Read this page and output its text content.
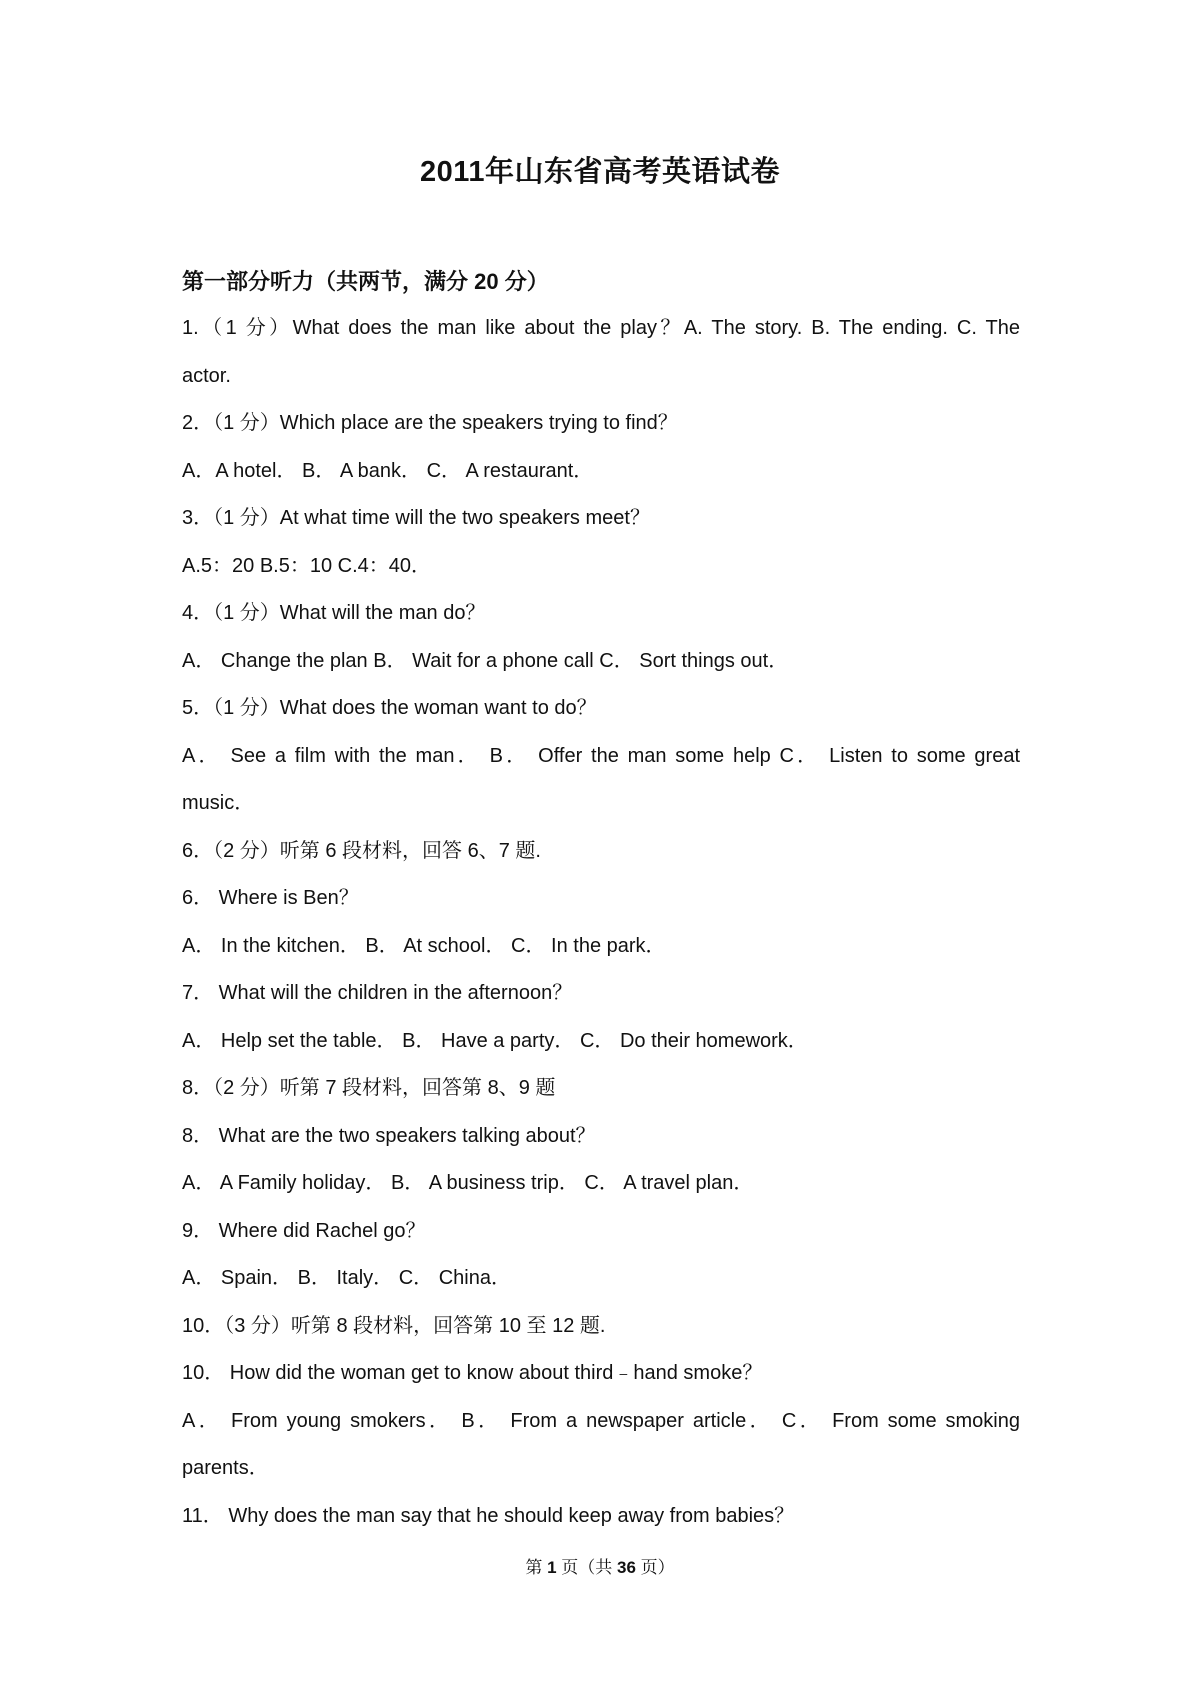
2011年山东省高考英语试卷
第一部分听力（共两节，满分 20 分）
1.（1 分）What does the man like about the play？A. The story. B. The ending. C. The
actor.
2．（1 分）Which place are the speakers trying to find？
A．A hotel． B． A bank． C． A restaurant．
3．（1 分）At what time will the two speakers meet？
A.5：20 B.5：10 C.4：40．
4．（1 分）What will the man do？
A． Change the plan B． Wait for a phone call C． Sort things out．
5．（1 分）What does the woman want to do？
A． See a film with the man． B． Offer the man some help C． Listen to some great
music．
6．（2 分）听第 6 段材料，回答 6、7 题.
6． Where is Ben？
A． In the kitchen． B． At school． C． In the park．
7． What will the children in the afternoon？
A． Help set the table． B． Have a party． C． Do their homework．
8．（2 分）听第 7 段材料，回答第 8、9 题
8． What are the two speakers talking about？
A． A Family holiday． B． A business trip． C． A travel plan．
9． Where did Rachel go？
A． Spain． B． Italy． C． China．
10．（3 分）听第 8 段材料，回答第 10 至 12 题.
10． How did the woman get to know about third﹣hand smoke？
A． From young smokers． B． From a newspaper article． C． From some smoking
parents．
11． Why does the man say that he should keep away from babies？
第 1 页（共 36 页）
